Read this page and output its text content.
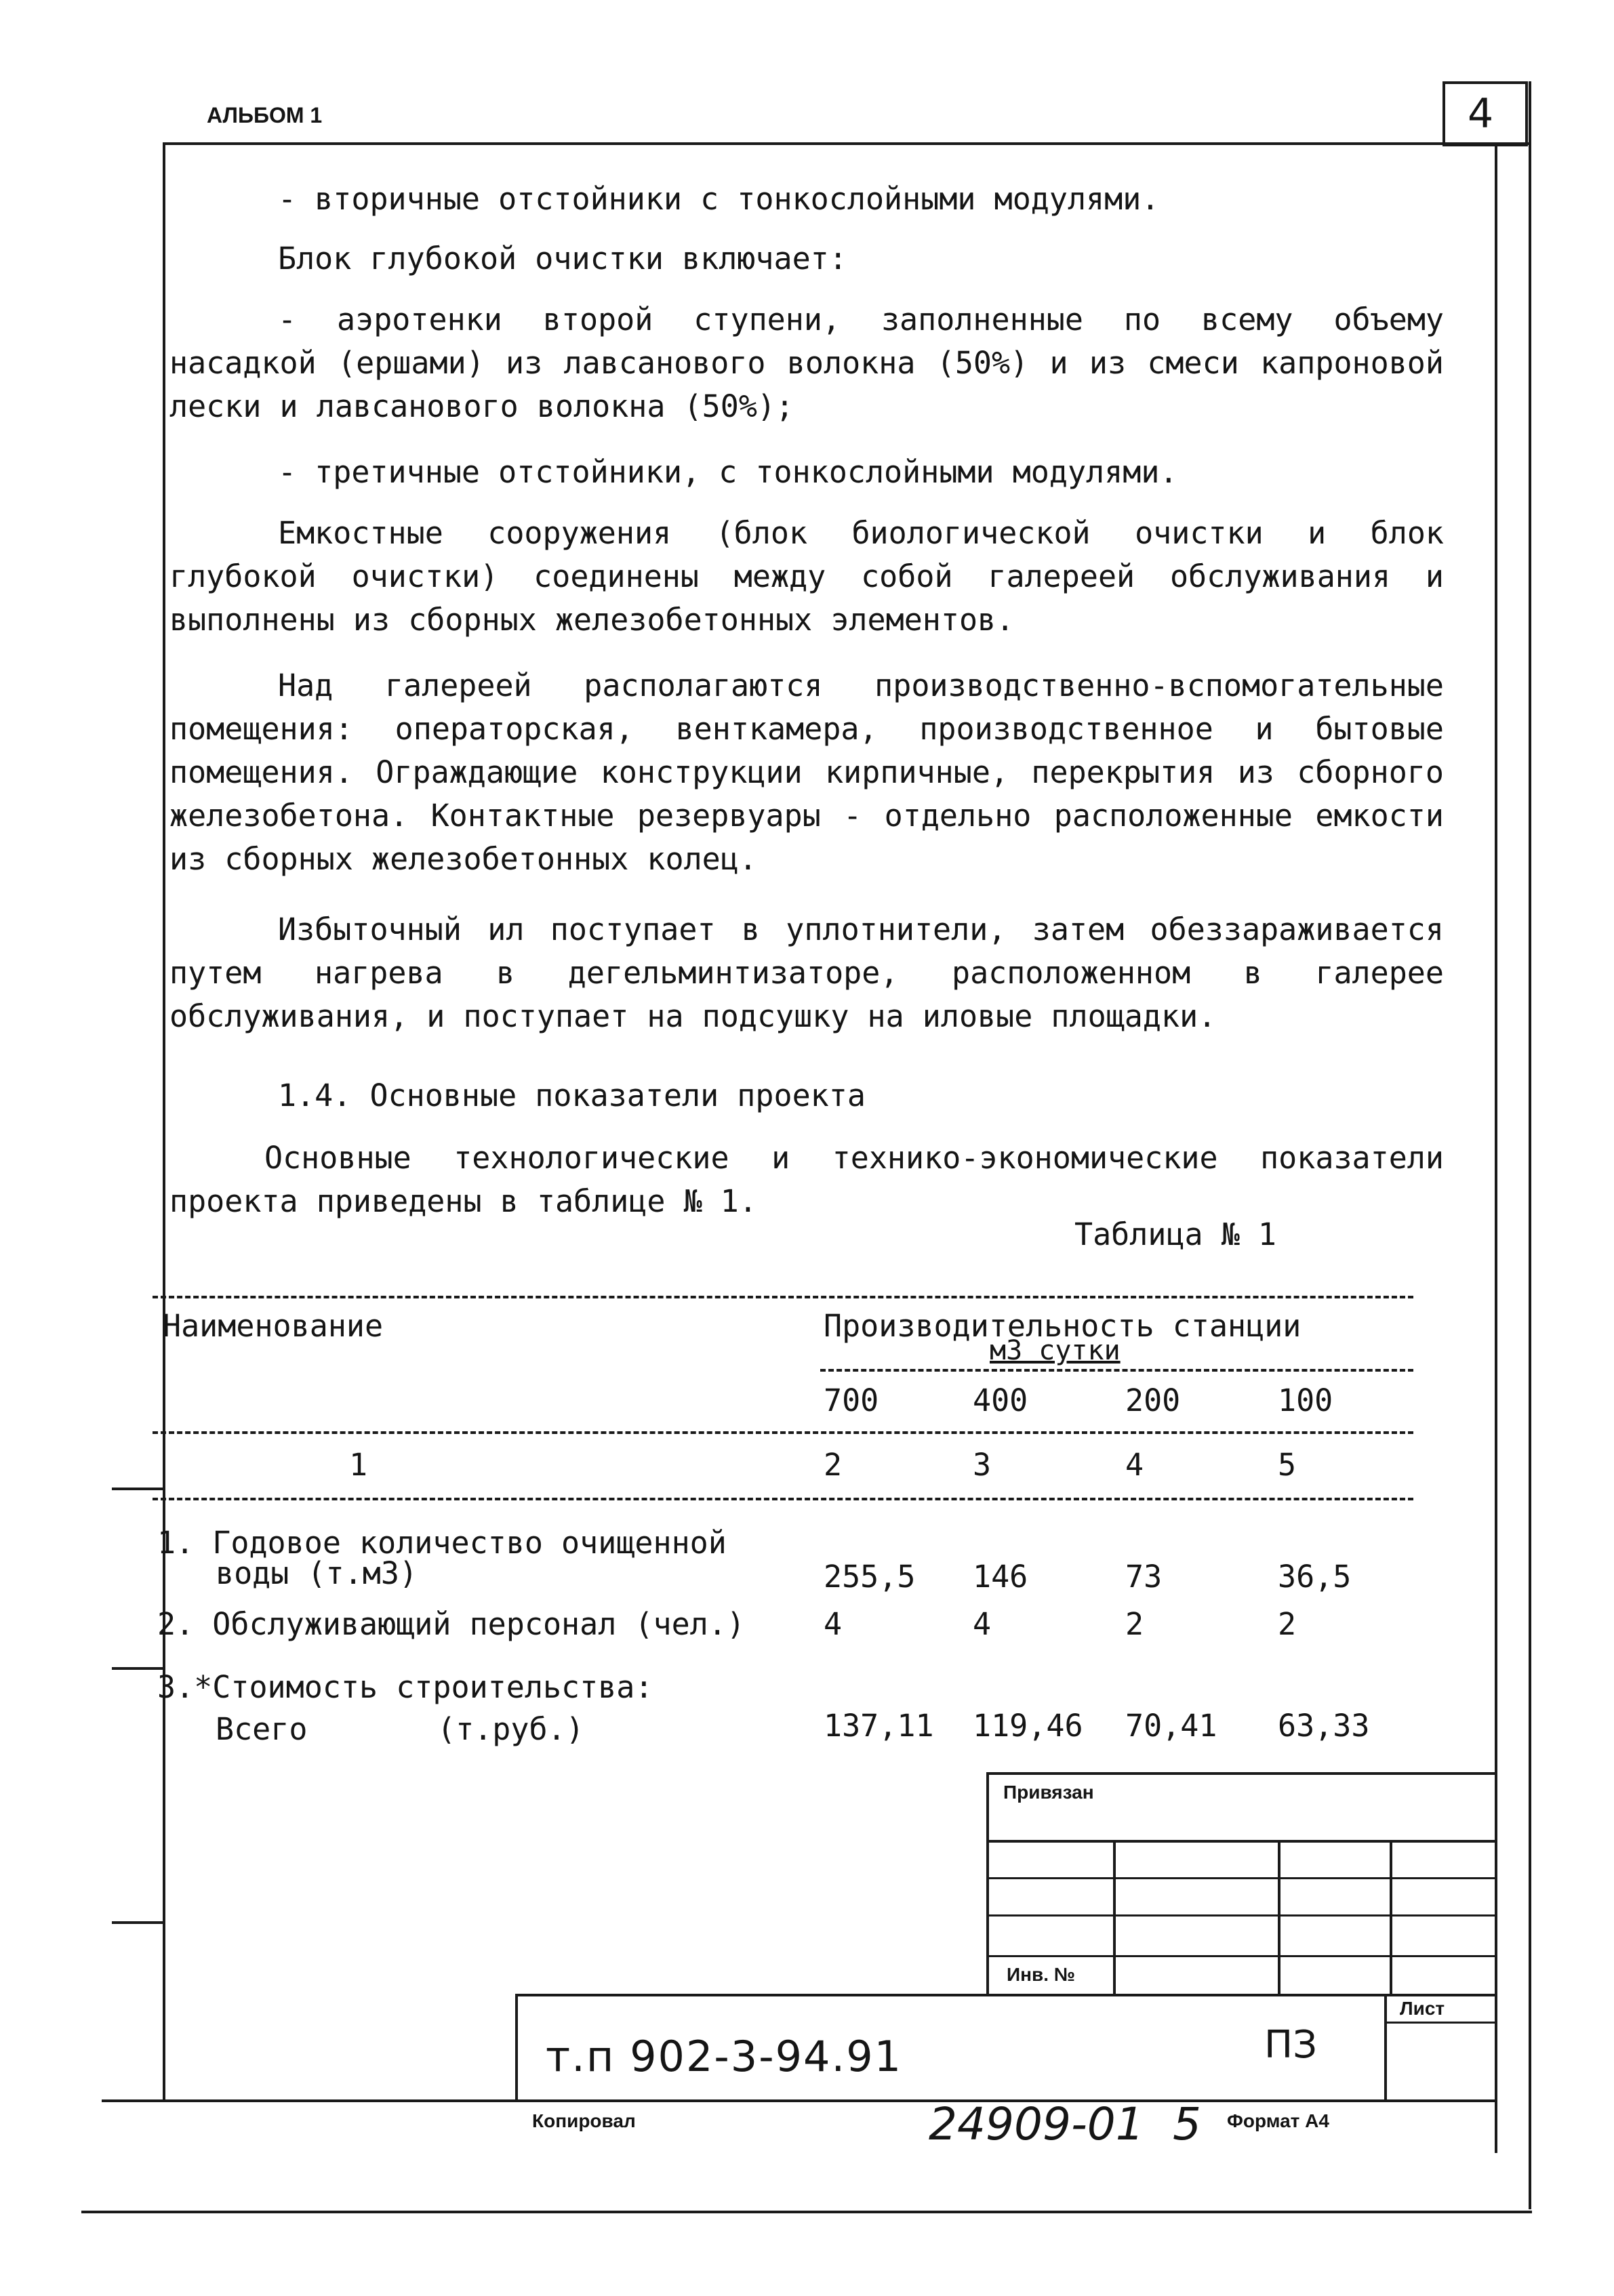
АЛЬБОМ 1	4
- вторичные отстойники с тонкослойными модулями.
Блок глубокой очистки включает:
- аэротенки второй ступени, заполненные по всему объему насадкой (ершами) из лавсанового волокна (50%) и из смеси капроновой лески и лавсанового волокна (50%);
- третичные отстойники, с тонкослойными модулями.
Емкостные сооружения (блок биологической очистки и блок глубокой очистки) соединены между собой галереей обслуживания и выполнены из сборных железобетонных элементов.
Над галереей располагаются производственно-вспомогательные помещения: операторская, венткамера, производственное и бытовые помещения. Ограждающие конструкции кирпичные, перекрытия из сборного железобетона. Контактные резервуары - отдельно расположенные емкости из сборных железобетонных колец.
Избыточный ил поступает в уплотнители, затем обеззараживается путем нагрева в дегельминтизаторе, расположенном в галерее обслуживания, и поступает на подсушку на иловые площадки.
1.4. Основные показатели проекта
Основные технологические и технико-экономические показатели проекта приведены в таблице № 1.
Таблица № 1
Наименование	Производительность станции
м3 сутки
700	400	200	100
1	2	3	4	5
1. Годовое количество очищенной
воды (т.м3)	255,5 146	73	36,5
2. Обслуживающий персонал (чел.)	4	4	2	2
3.*Стоимость строительства:
Всего	(т.руб.)	137,11 119,46 70,41 63,33
Привязан
Инв. №
Лист
т.п 902-3-94.91	ПЗ
Копировал	24909-01 5 Формат А4
